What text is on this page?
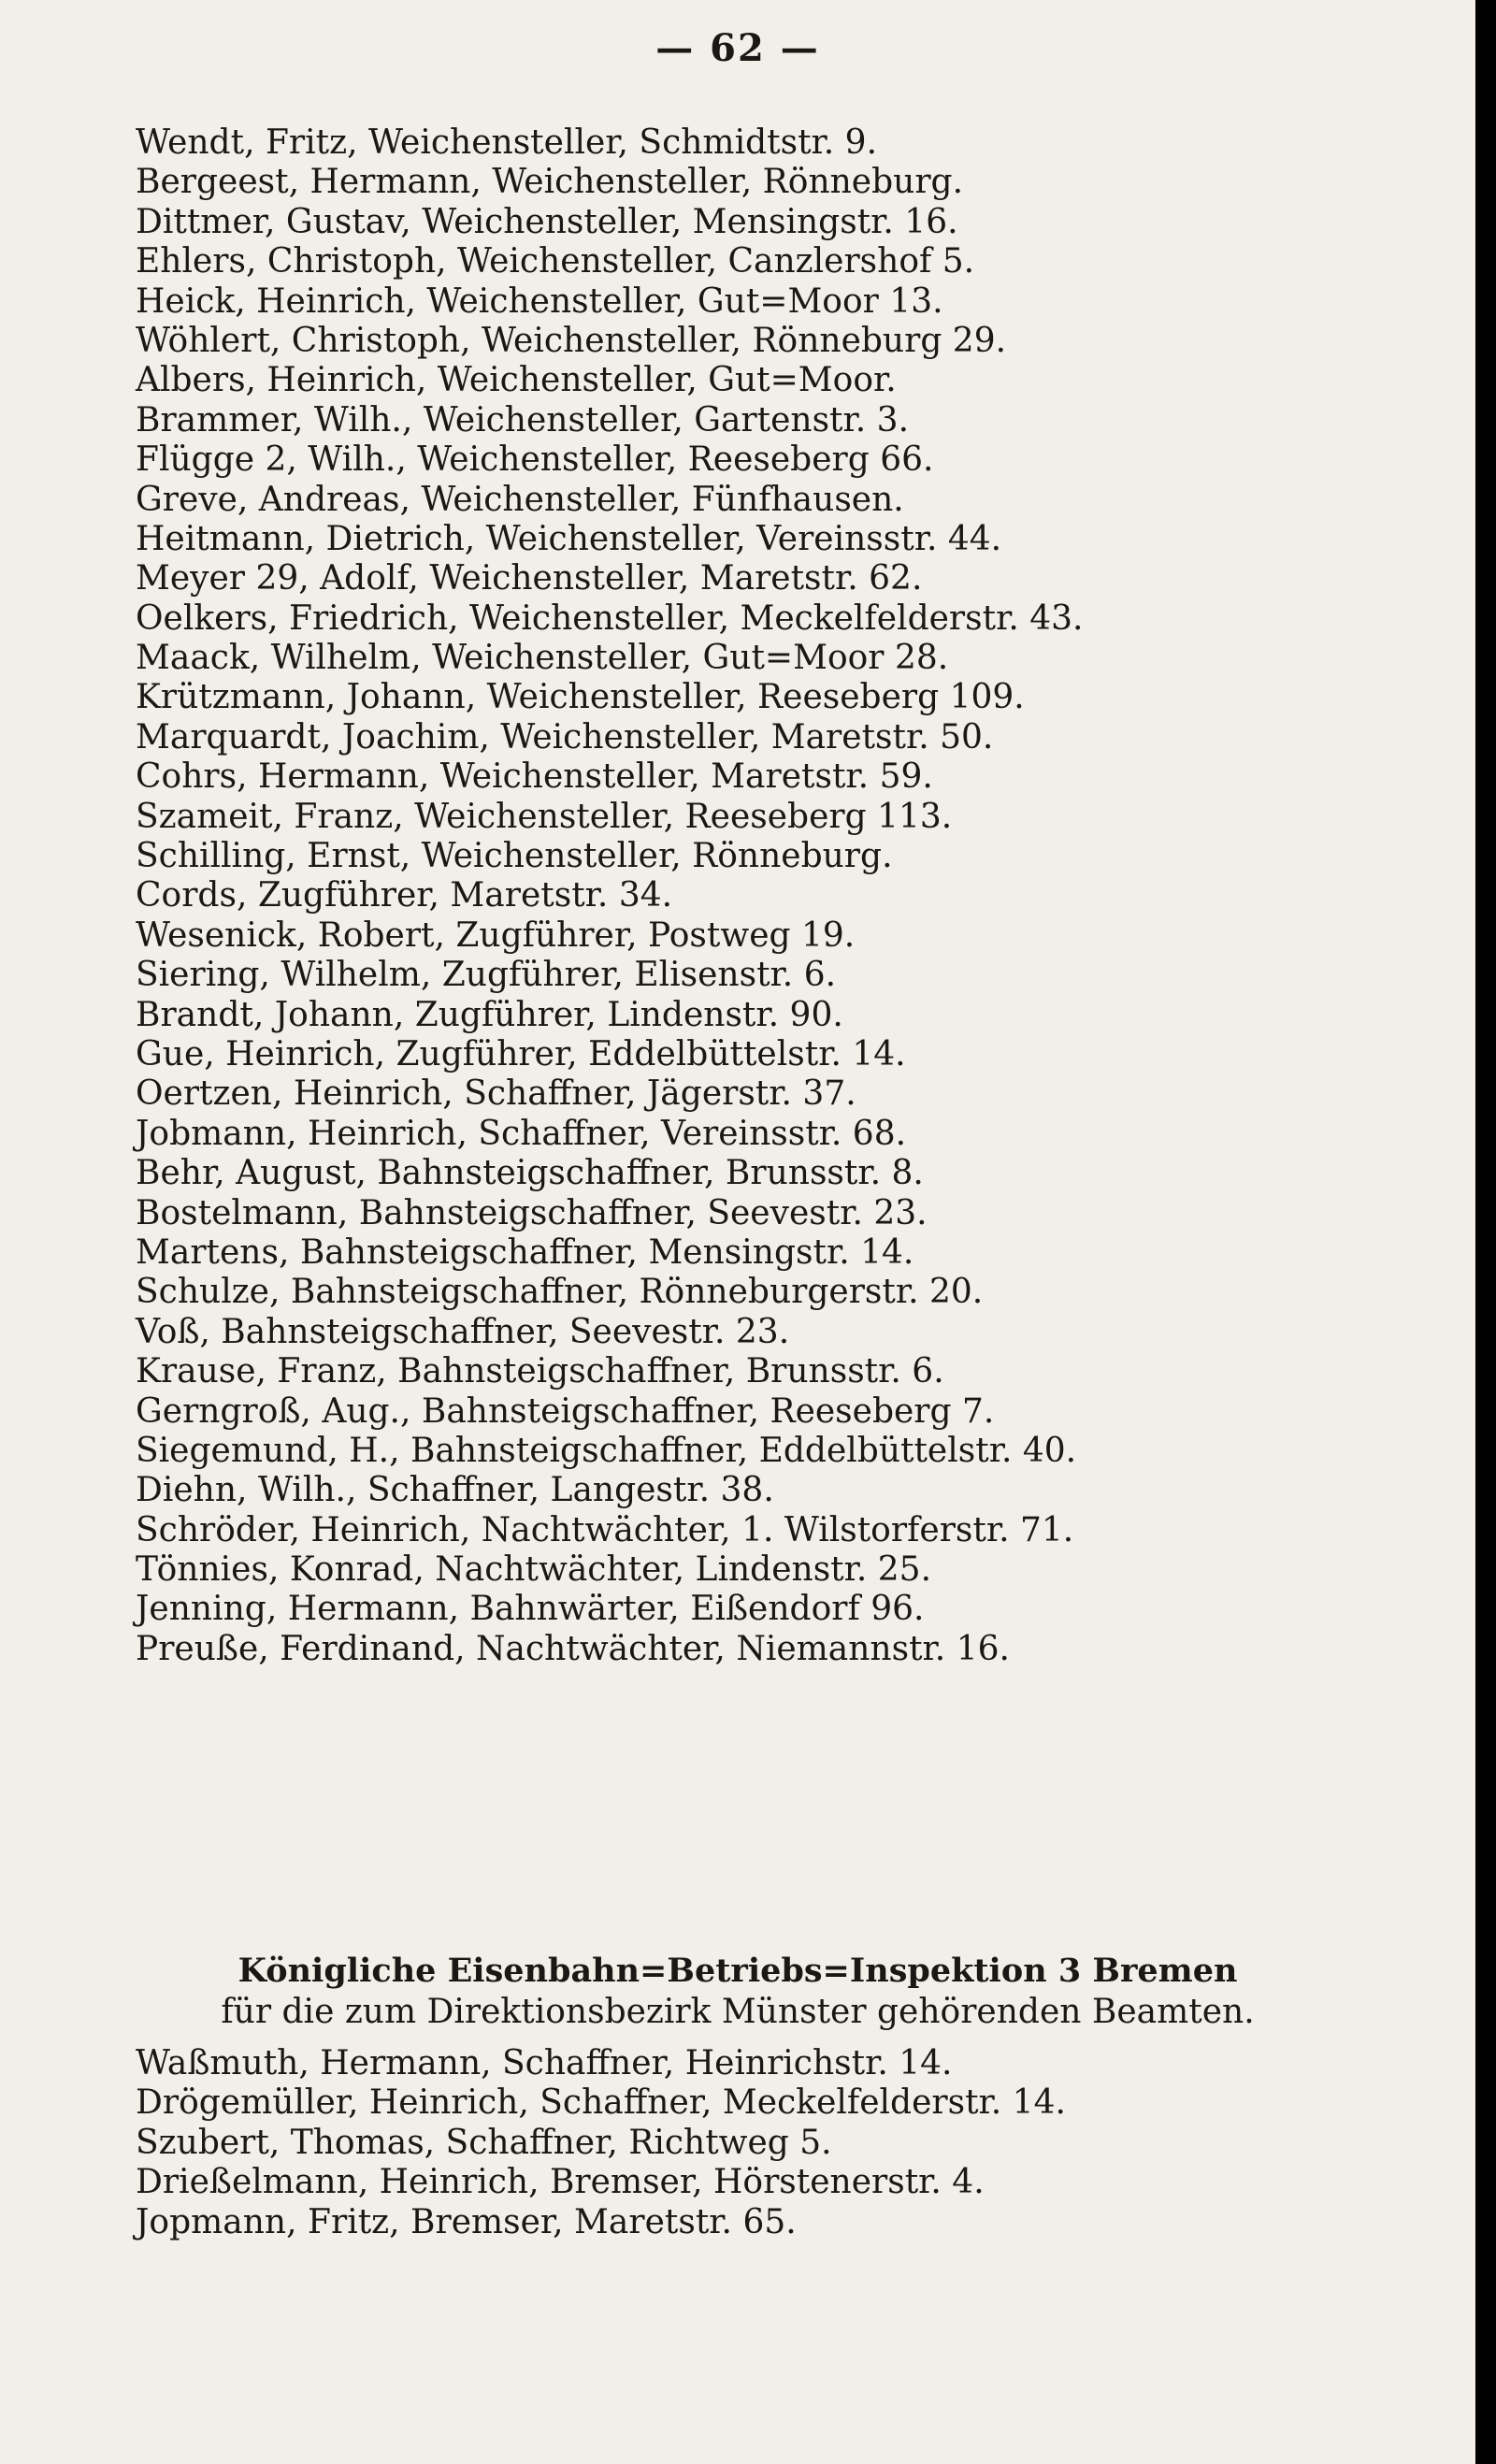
— 62 —
Wendt, Fritz, Weichensteller, Schmidtstr. 9.
Bergeest, Hermann, Weichensteller, Rönneburg.
Dittmer, Gustav, Weichensteller, Mensingstr. 16.
Ehlers, Christoph, Weichensteller, Canzlershof 5.
Heick, Heinrich, Weichensteller, Gut=Moor 13.
Wöhlert, Christoph, Weichensteller, Rönneburg 29.
Albers, Heinrich, Weichensteller, Gut=Moor.
Brammer, Wilh., Weichensteller, Gartenstr. 3.
Flügge 2, Wilh., Weichensteller, Reeseberg 66.
Greve, Andreas, Weichensteller, Fünfhausen.
Heitmann, Dietrich, Weichensteller, Vereinsstr. 44.
Meyer 29, Adolf, Weichensteller, Maretstr. 62.
Oelkers, Friedrich, Weichensteller, Meckelfelderstr. 43.
Maack, Wilhelm, Weichensteller, Gut=Moor 28.
Krützmann, Johann, Weichensteller, Reeseberg 109.
Marquardt, Joachim, Weichensteller, Maretstr. 50.
Cohrs, Hermann, Weichensteller, Maretstr. 59.
Szameit, Franz, Weichensteller, Reeseberg 113.
Schilling, Ernst, Weichensteller, Rönneburg.
Cords, Zugführer, Maretstr. 34.
Wesenick, Robert, Zugführer, Postweg 19.
Siering, Wilhelm, Zugführer, Elisenstr. 6.
Brandt, Johann, Zugführer, Lindenstr. 90.
Gue, Heinrich, Zugführer, Eddelbüttelstr. 14.
Oertzen, Heinrich, Schaffner, Jägerstr. 37.
Jobmann, Heinrich, Schaffner, Vereinsstr. 68.
Behr, August, Bahnsteigschaffner, Brunsstr. 8.
Bostelmann, Bahnsteigschaffner, Seevestr. 23.
Martens, Bahnsteigschaffner, Mensingstr. 14.
Schulze, Bahnsteigschaffner, Rönneburgerstr. 20.
Voß, Bahnsteigschaffner, Seevestr. 23.
Krause, Franz, Bahnsteigschaffner, Brunsstr. 6.
Gerngroß, Aug., Bahnsteigschaffner, Reeseberg 7.
Siegemund, H., Bahnsteigschaffner, Eddelbüttelstr. 40.
Diehn, Wilh., Schaffner, Langestr. 38.
Schröder, Heinrich, Nachtwächter, 1. Wilstorferstr. 71.
Tönnies, Konrad, Nachtwächter, Lindenstr. 25.
Jenning, Hermann, Bahnwärter, Eißendorf 96.
Preuße, Ferdinand, Nachtwächter, Niemannstr. 16.
Königliche Eisenbahn=Betriebs=Inspektion 3 Bremen
für die zum Direktionsbezirk Münster gehörenden Beamten.
Waßmuth, Hermann, Schaffner, Heinrichstr. 14.
Drögemüller, Heinrich, Schaffner, Meckelfelderstr. 14.
Szubert, Thomas, Schaffner, Richtweg 5.
Drießelmann, Heinrich, Bremser, Hörstenerstr. 4.
Jopmann, Fritz, Bremser, Maretstr. 65.
